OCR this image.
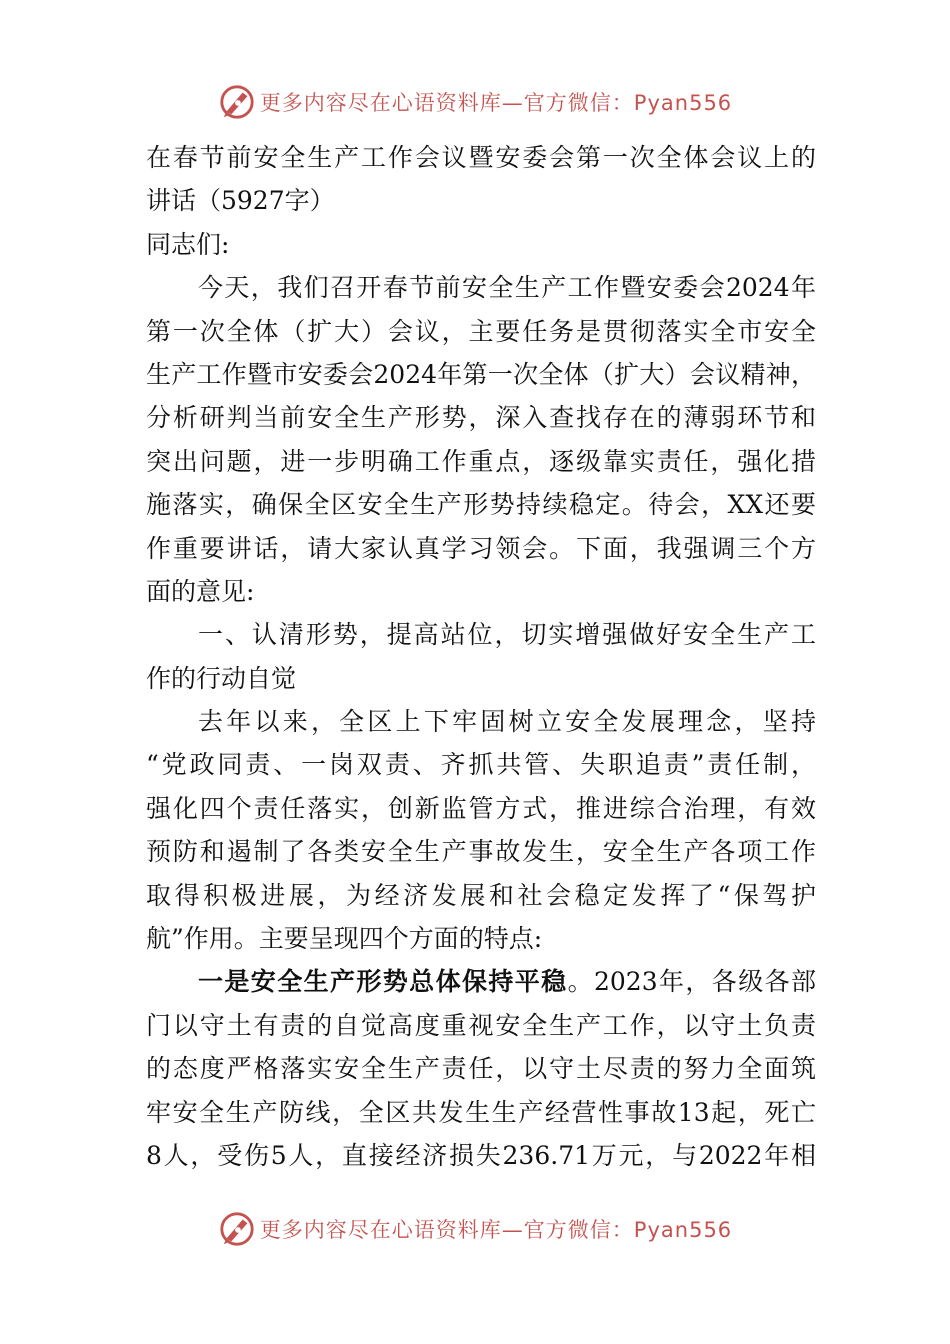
更多内容尽在心语资料库—官方微信：Pyan556
在春节前安全生产工作会议暨安委会第一次全体会议上的
讲话（5927字）
同志们:
今天，我们召开春节前安全生产工作暨安委会2024年
第一次全体（扩大）会议，主要任务是贯彻落实全市安全
生产工作暨市安委会2024年第一次全体（扩大）会议精神，
分析研判当前安全生产形势，深入查找存在的薄弱环节和
突出问题，进一步明确工作重点，逐级靠实责任，强化措
施落实，确保全区安全生产形势持续稳定。待会，XX还要
作重要讲话，请大家认真学习领会。下面，我强调三个方
面的意见:
一、认清形势，提高站位，切实增强做好安全生产工
作的行动自觉
去年以来，全区上下牢固树立安全发展理念，坚持
“党政同责、一岗双责、齐抓共管、失职追责”责任制，
强化四个责任落实，创新监管方式，推进综合治理，有效
预防和遏制了各类安全生产事故发生，安全生产各项工作
取得积极进展，为经济发展和社会稳定发挥了“保驾护
航”作用。主要呈现四个方面的特点:
一是安全生产形势总体保持平稳。2023年，各级各部
门以守土有责的自觉高度重视安全生产工作，以守土负责
的态度严格落实安全生产责任，以守土尽责的努力全面筑
牢安全生产防线，全区共发生生产经营性事故13起，死亡
8人，受伤5人，直接经济损失236.71万元，与2022年相
更多内容尽在心语资料库—官方微信：Pyan556
